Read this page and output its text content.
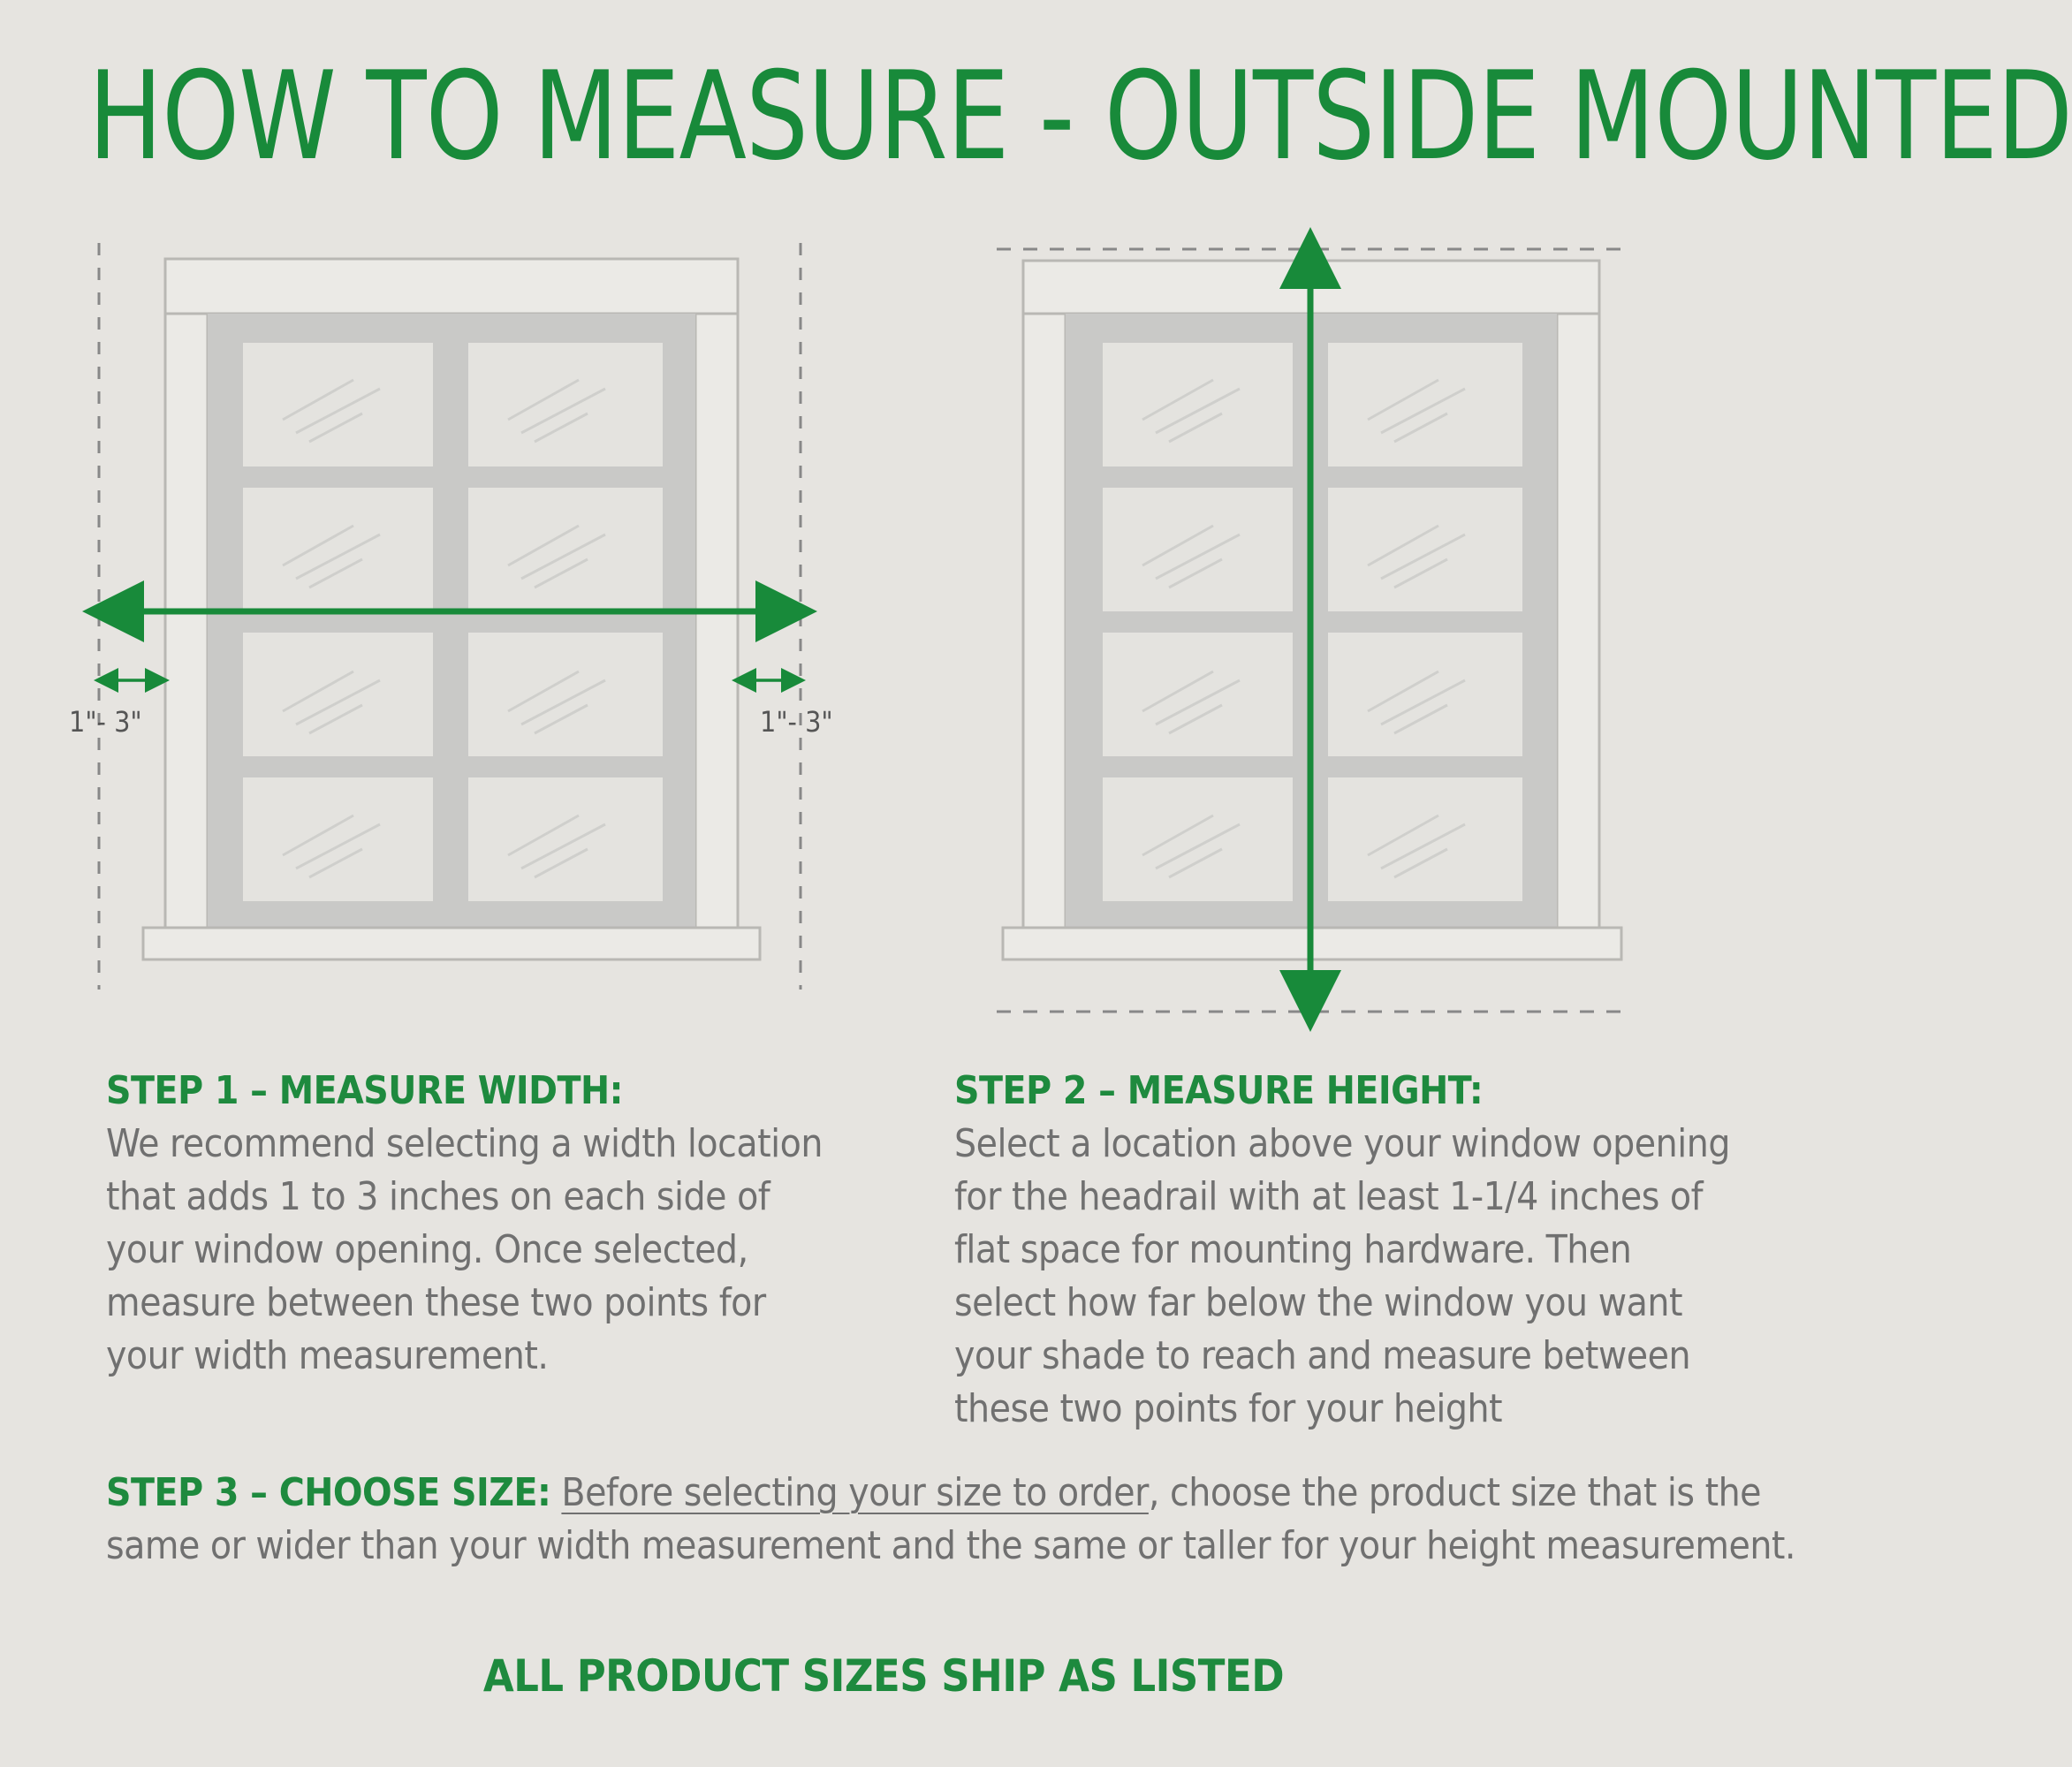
HOW TO MEASURE - OUTSIDE MOUNTED
1"- 3"	1"- 3"
STEP 1 – MEASURE WIDTH:
We recommend selecting a width location
that adds 1 to 3 inches on each side of
your window opening. Once selected,
measure between these two points for
your width measurement.
STEP 2 – MEASURE HEIGHT:
Select a location above your window opening
for the headrail with at least 1-1/4 inches of
flat space for mounting hardware. Then
select how far below the window you want
your shade to reach and measure between
these two points for your height
STEP 3 – CHOOSE SIZE: Before selecting your size to order, choose the product size that is the
same or wider than your width measurement and the same or taller for your height measurement.
ALL PRODUCT SIZES SHIP AS LISTED
